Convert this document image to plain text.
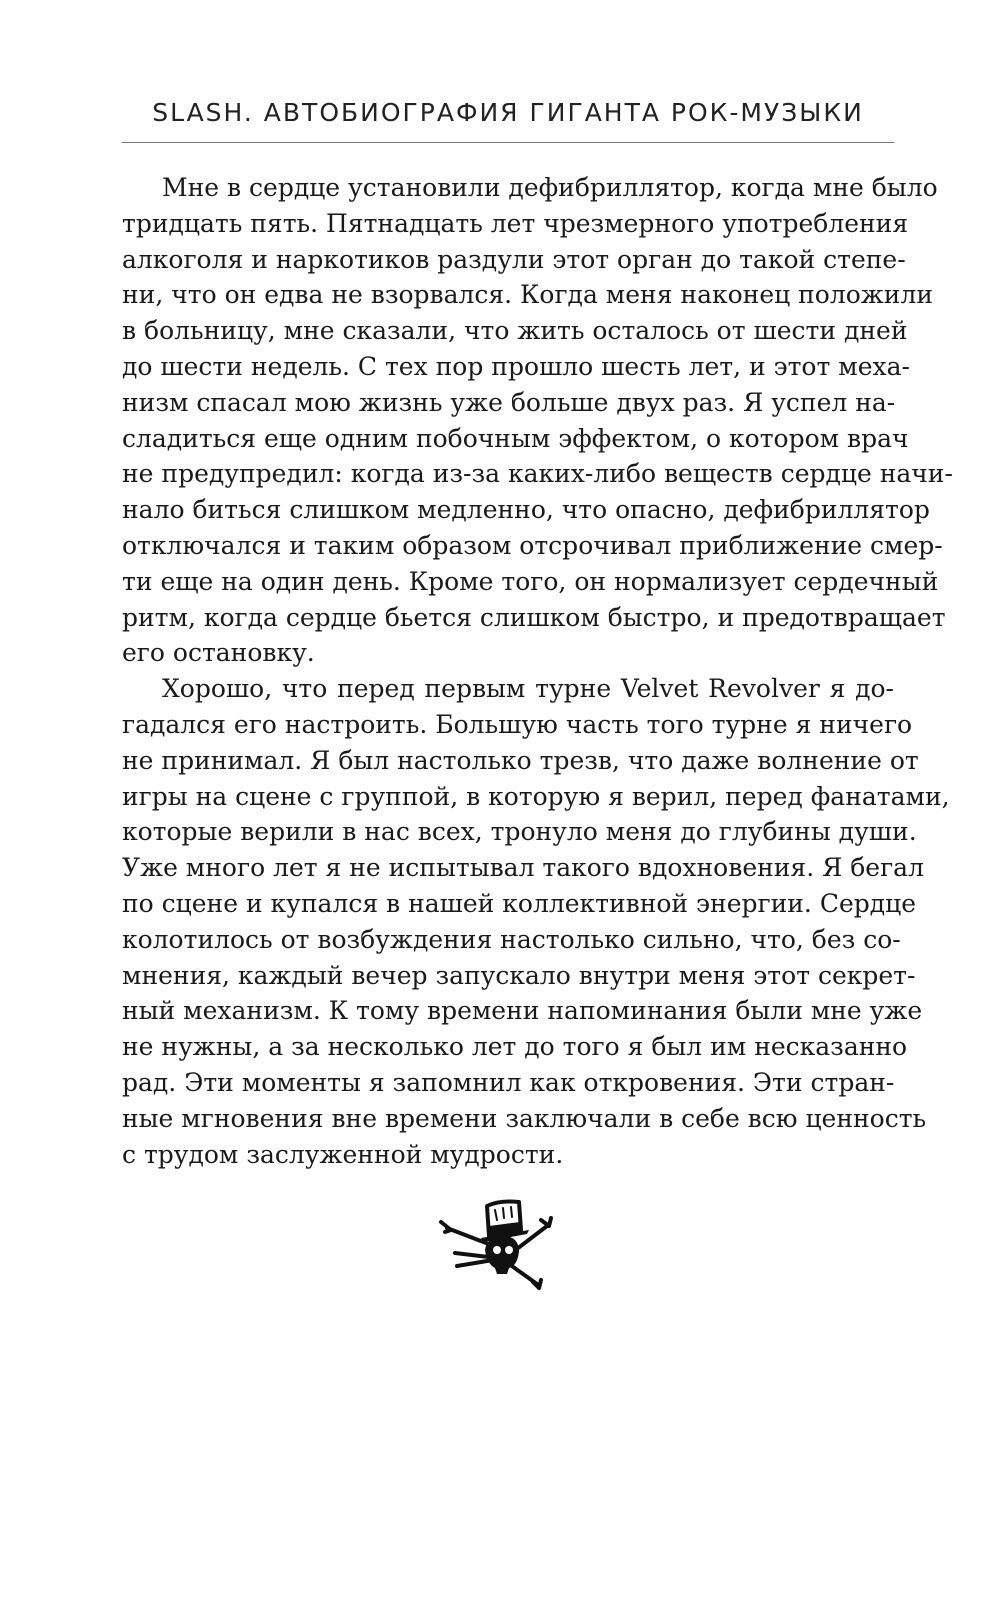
SLASH. АВТОБИОГРАФИЯ ГИГАНТА РОК-МУЗЫКИ
Мне в сердце установили дефибриллятор, когда мне было
тридцать пять. Пятнадцать лет чрезмерного употребления
алкоголя и наркотиков раздули этот орган до такой степе-
ни, что он едва не взорвался. Когда меня наконец положили
в больницу, мне сказали, что жить осталось от шести дней
до шести недель. С тех пор прошло шесть лет, и этот меха-
низм спасал мою жизнь уже больше двух раз. Я успел на-
сладиться еще одним побочным эффектом, о котором врач
не предупредил: когда из-за каких-либо веществ сердце начи-
нало биться слишком медленно, что опасно, дефибриллятор
отключался и таким образом отсрочивал приближение смер-
ти еще на один день. Кроме того, он нормализует сердечный
ритм, когда сердце бьется слишком быстро, и предотвращает
его остановку.
Хорошо, что перед первым турне Velvet Revolver я до-
гадался его настроить. Большую часть того турне я ничего
не принимал. Я был настолько трезв, что даже волнение от
игры на сцене с группой, в которую я верил, перед фанатами,
которые верили в нас всех, тронуло меня до глубины души.
Уже много лет я не испытывал такого вдохновения. Я бегал
по сцене и купался в нашей коллективной энергии. Сердце
колотилось от возбуждения настолько сильно, что, без со-
мнения, каждый вечер запускало внутри меня этот секрет-
ный механизм. К тому времени напоминания были мне уже
не нужны, а за несколько лет до того я был им несказанно
рад. Эти моменты я запомнил как откровения. Эти стран-
ные мгновения вне времени заключали в себе всю ценность
с трудом заслуженной мудрости.
